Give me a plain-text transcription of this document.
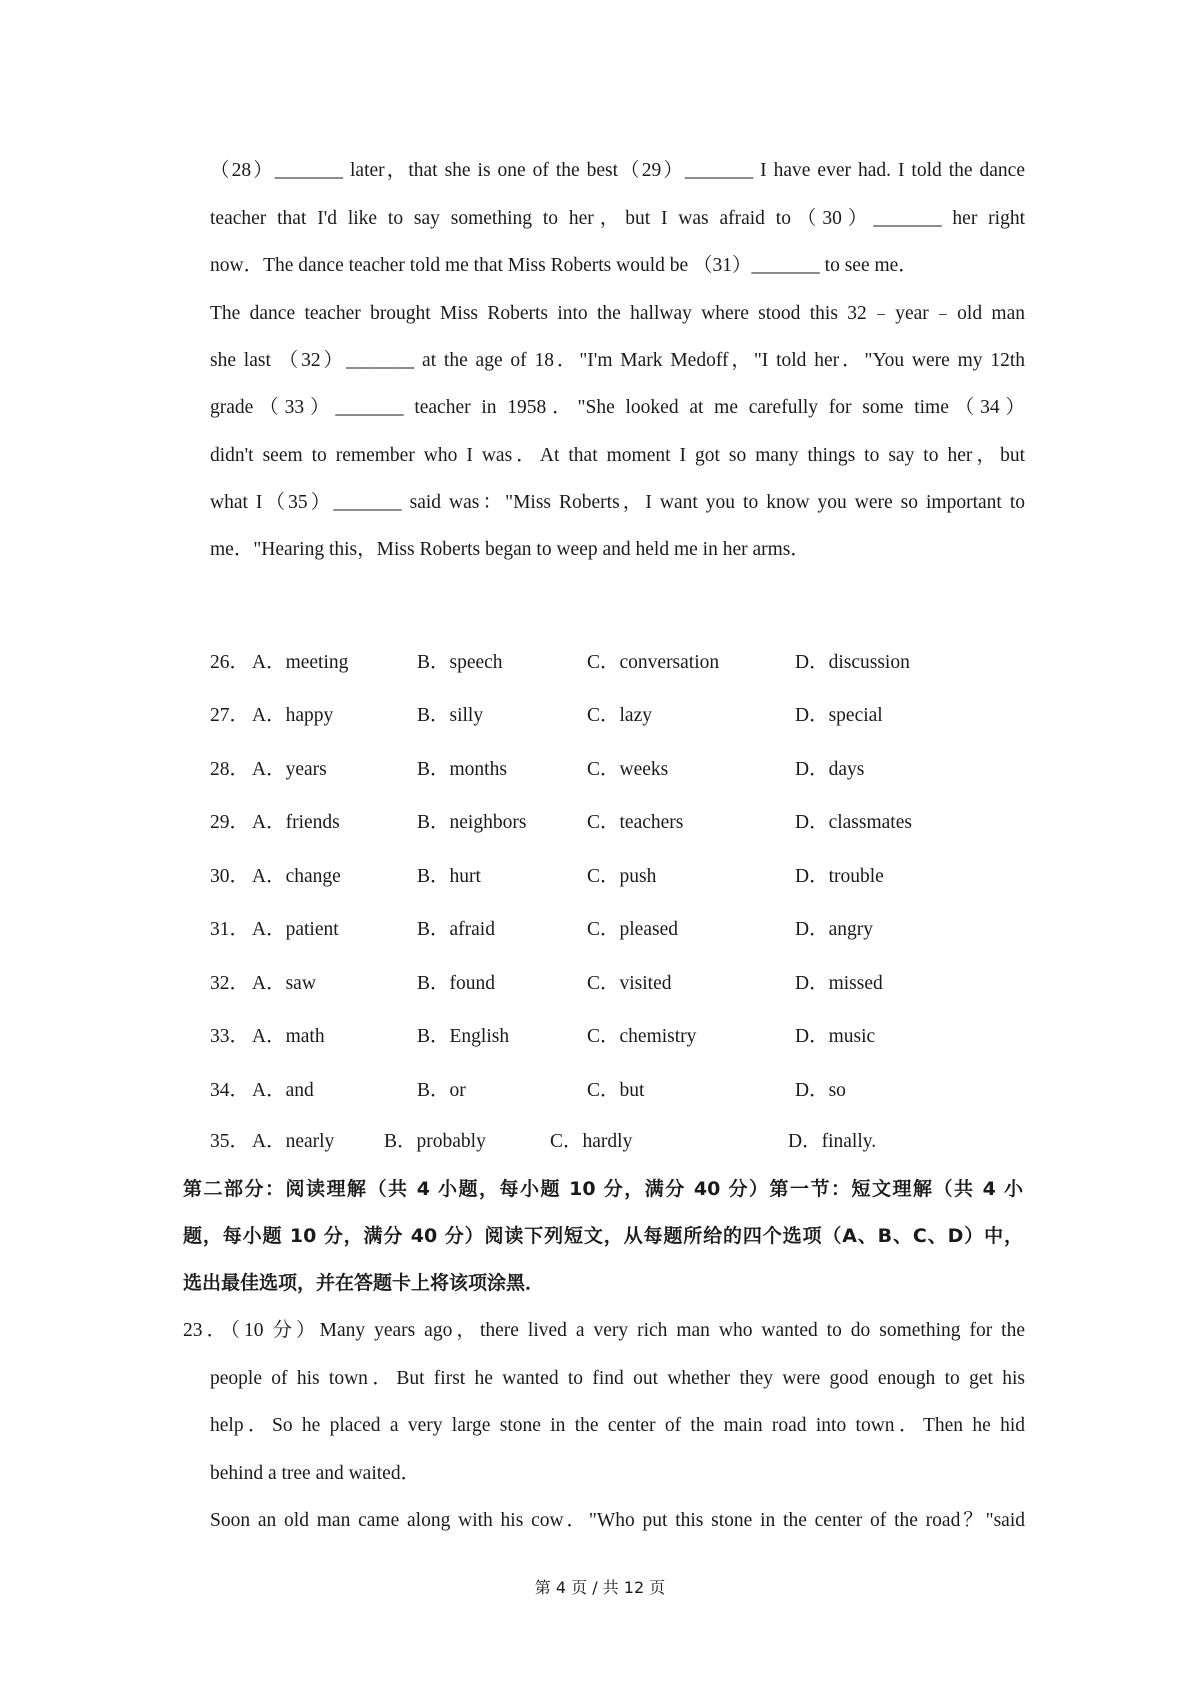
（28）_______ later，that she is one of the best（29）_______ I have ever had. I told the dance
teacher that I'd like to say something to her，but I was afraid to（30）_______ her right
now．The dance teacher told me that Miss Roberts would be （31）_______ to see me．
The dance teacher brought Miss Roberts into the hallway where stood this 32﹣year﹣old man
she last （32）_______ at the age of 18．"I'm Mark Medoff，"I told her．"You were my 12th
grade（33）_______ teacher in 1958．"She looked at me carefully for some time（34）
didn't seem to remember who I was．At that moment I got so many things to say to her，but
what I（35）_______ said was："Miss Roberts，I want you to know you were so important to
me．"Hearing this，Miss Roberts began to weep and held me in her arms．
26． A．meeting	B．speech	C．conversation	D．discussion
27． A．happy	B．silly	C．lazy	D．special
28． A．years	B．months	C．weeks	D．days
29． A．friends	B．neighbors	C．teachers	D．classmates
30． A．change	B．hurt	C．push	D．trouble
31． A．patient	B．afraid	C．pleased	D．angry
32． A．saw	B．found	C．visited	D．missed
33． A．math	B．English	C．chemistry	D．music
34． A．and	B．or	C．but	D．so
35． A．nearly	B．probably	C．hardly	D．finally.
第二部分：阅读理解（共 4 小题，每小题 10 分，满分 40 分）第一节：短文理解（共 4 小
题，每小题 10 分，满分 40 分）阅读下列短文，从每题所给的四个选项（A、B、C、D）中，
选出最佳选项，并在答题卡上将该项涂黑．
23．（10 分）Many years ago，there lived a very rich man who wanted to do something for the
people of his town．But first he wanted to find out whether they were good enough to get his
help．So he placed a very large stone in the center of the main road into town．Then he hid
behind a tree and waited．
Soon an old man came along with his cow．"Who put this stone in the center of the road？"said
第 4 页 / 共 12 页
